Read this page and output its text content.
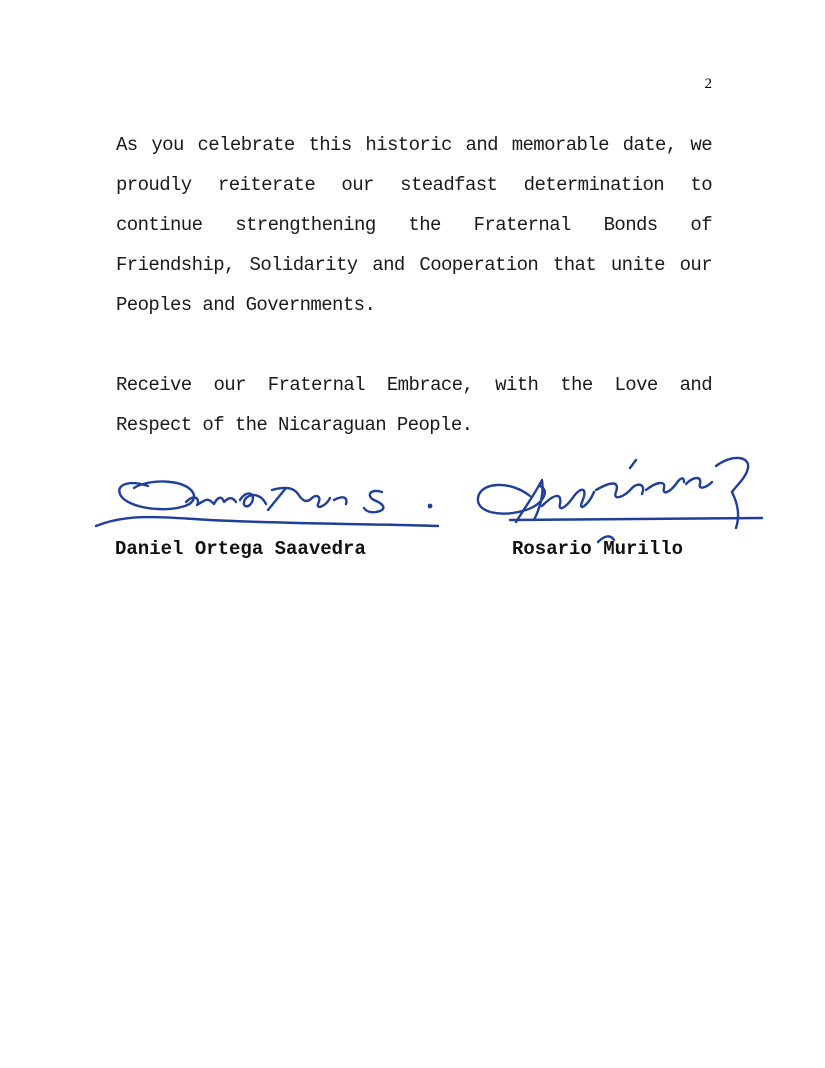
2

As you celebrate this historic and memorable date, we proudly reiterate our steadfast determination to continue strengthening the Fraternal Bonds of Friendship, Solidarity and Cooperation that unite our Peoples and Governments.

Receive our Fraternal Embrace, with the Love and Respect of the Nicaraguan People.

Daniel Ortega Saavedra	Rosario Murillo
